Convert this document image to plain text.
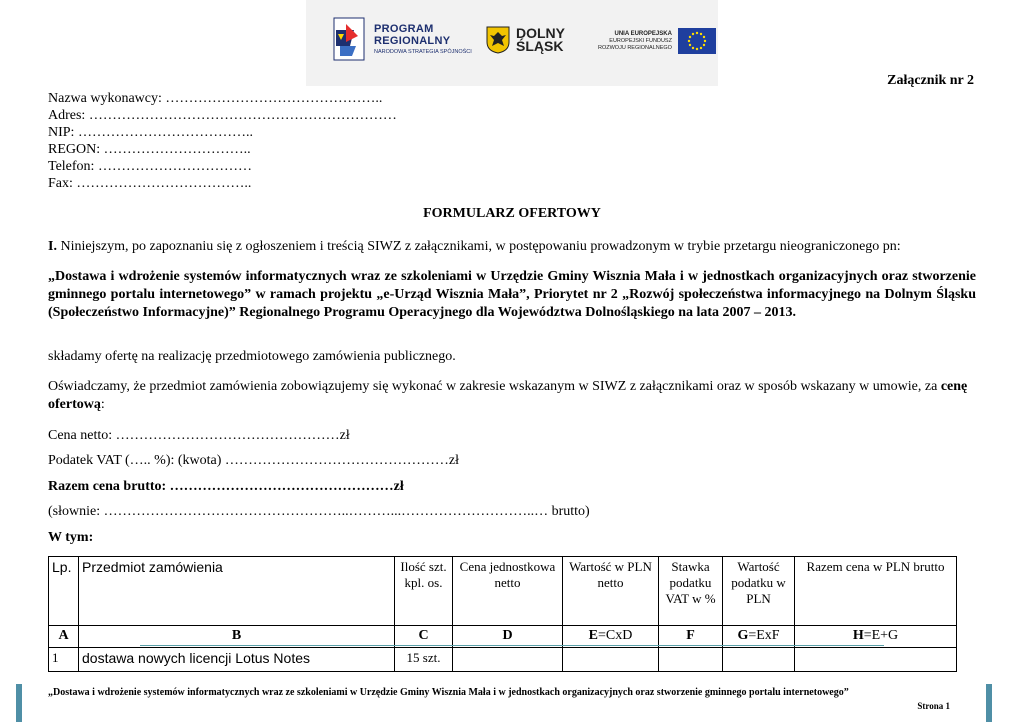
PROGRAM
REGIONALNY
NARODOWA STRATEGIA SPÓJNOŚCI
DOLNY
ŚLĄSK
UNIA EUROPEJSKA
EUROPEJSKI FUNDUSZ
ROZWOJU REGIONALNEGO
Załącznik nr 2
Nazwa wykonawcy: ………………………………………..
Adres: …………………………………………………………
NIP: ………………………………..
REGON: …………………………..
Telefon: ……………………………
Fax: ………………………………..
FORMULARZ OFERTOWY
I. Niniejszym, po zapoznaniu się z ogłoszeniem i treścią SIWZ z załącznikami, w postępowaniu prowadzonym w trybie przetargu nieograniczonego pn:
„Dostawa i wdrożenie systemów informatycznych wraz ze szkoleniami w Urzędzie Gminy Wisznia Mała i w jednostkach organizacyjnych oraz stworzenie gminnego portalu internetowego” w ramach projektu „e-Urząd Wisznia Mała”, Priorytet nr 2 „Rozwój społeczeństwa informacyjnego na Dolnym Śląsku (Społeczeństwo Informacyjne)” Regionalnego Programu Operacyjnego dla Województwa Dolnośląskiego na lata 2007 – 2013.
składamy ofertę na realizację przedmiotowego zamówienia publicznego.
Oświadczamy, że przedmiot zamówienia zobowiązujemy się wykonać w zakresie wskazanym w SIWZ z załącznikami oraz w sposób wskazany w umowie, za cenę ofertową:
Cena netto: …………………………………………zł
Podatek VAT (….. %): (kwota) …………………………………………zł
Razem cena brutto: …………………………………………zł
(słownie: ……………………………………………..………...………………………..… brutto)
W tym:
Lp.	Przedmiot zamówienia	Ilość szt. kpl. os.	Cena jednostkowa netto	Wartość w PLN netto	Stawka podatku VAT w %	Wartość podatku w PLN	Razem cena w PLN brutto
A	B	C	D	E=CxD	F	G=ExF	H=E+G
1	dostawa nowych licencji Lotus Notes	15 szt.					
„Dostawa i wdrożenie systemów informatycznych wraz ze szkoleniami w Urzędzie Gminy Wisznia Mała i w jednostkach organizacyjnych oraz stworzenie gminnego portalu internetowego”
Strona 1
